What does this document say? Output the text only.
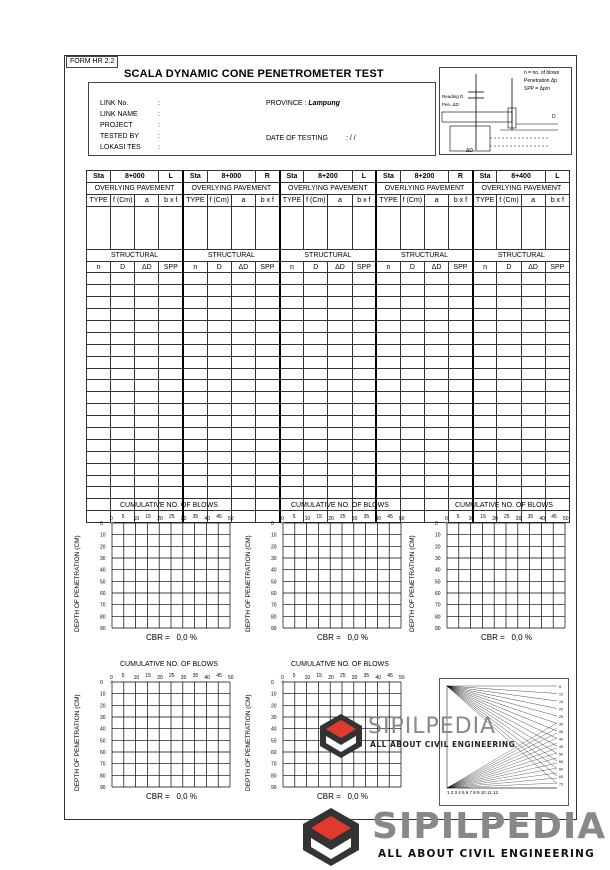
FORM HR 2.2
SCALA DYNAMIC CONE PENETROMETER TEST
LINK No.	:
LINK NAME	:
PROJECT	:
TESTED BY	:
LOKASI TES :
PROVINCE : Lampung
DATE OF TESTING	: / /
n = no. of blows
Penetration Δp
SPP = Δp/n
Reading D
Pen. ΔD
D
ΔD
Sta	8+000		L	Sta	8+000		R	Sta	8+200		L	Sta	8+200		R	Sta	8+400		L
OVERLYING PAVEMENT				OVERLYING PAVEMENT				OVERLYING PAVEMENT				OVERLYING PAVEMENT				OVERLYING PAVEMENT			
TYPE	f (Cm)	a	b x f	TYPE	f (Cm)	a	b x f	TYPE	f (Cm)	a	b x f	TYPE	f (Cm)	a	b x f	TYPE	f (Cm)	a	b x f

STRUCTURAL				STRUCTURAL				STRUCTURAL				STRUCTURAL				STRUCTURAL			
n	D	ΔD	SPP	n	D	ΔD	SPP	n	D	ΔD	SPP	n	D	ΔD	SPP	n	D	ΔD	SPP

CUMULATIVE NO. OF BLOWS
DEPTH OF PENETRATION (CM)
0 5 10 15 20 25 30 35 40 45 50
0
10
20
30
40
50
60
70
80
90
CBR = 0,0 %
CUMULATIVE NO. OF BLOWS
DEPTH OF PENETRATION (CM)
0 5 10 15 20 25 30 35 40 45 50
0
10
20
30
40
50
60
70
80
90
CBR = 0,0 %
CUMULATIVE NO. OF BLOWS
DEPTH OF PENETRATION (CM)
0 5 10 15 20 25 30 35 40 45 50
0
10
20
30
40
50
60
70
80
90
CBR = 0,0 %
CUMULATIVE NO. OF BLOWS
DEPTH OF PENETRATION (CM)
0 5 10 15 20 25 30 35 40 45 50
0
10
20
30
40
50
60
70
80
90
CBR = 0,0 %
CUMULATIVE NO. OF BLOWS
DEPTH OF PENETRATION (CM)
0 5 10 15 20 25 30 35 40 45 50
0
10
20
30
40
50
60
70
80
90
CBR = 0,0 %
5
10
15
20
25
30
35
40
45
50
55
60
65
70
1 2 3 4 5 6 7 8 9 10 11 12
SIPILPEDIA
ALL ABOUT CIVIL ENGINEERING
SIPILPEDIA
ALL ABOUT CIVIL ENGINEERING
